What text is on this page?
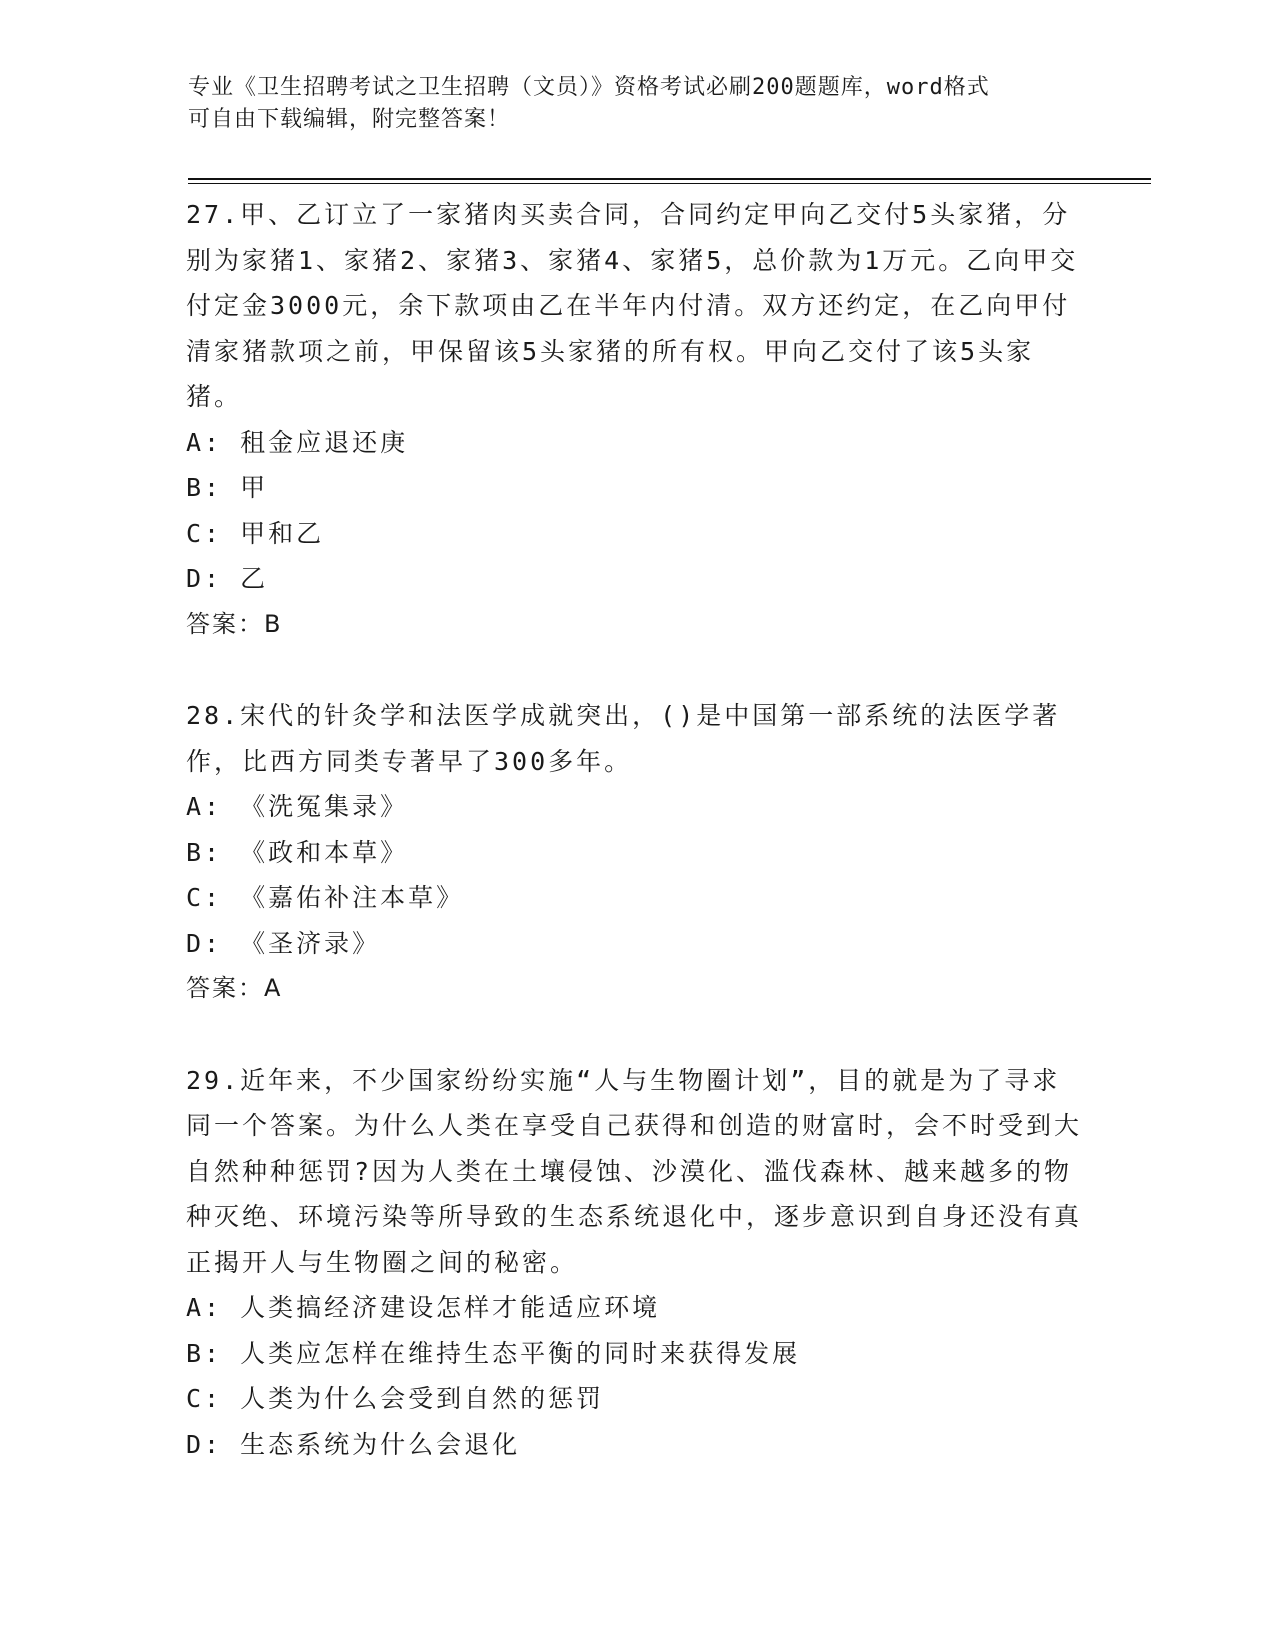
专业《卫生招聘考试之卫生招聘（文员）》资格考试必刷200题题库，word格式
可自由下载编辑，附完整答案！
27.甲、乙订立了一家猪肉买卖合同，合同约定甲向乙交付5头家猪，分别为家猪1、家猪2、家猪3、家猪4、家猪5，总价款为1万元。乙向甲交付定金3000元，余下款项由乙在半年内付清。双方还约定，在乙向甲付清家猪款项之前，甲保留该5头家猪的所有权。甲向乙交付了该5头家猪。
A: 租金应退还庚
B: 甲
C: 甲和乙
D: 乙
答案：B
28.宋代的针灸学和法医学成就突出，()是中国第一部系统的法医学著作，比西方同类专著早了300多年。
A: 《洗冤集录》
B: 《政和本草》
C: 《嘉佑补注本草》
D: 《圣济录》
答案：A
29.近年来，不少国家纷纷实施“人与生物圈计划”，目的就是为了寻求同一个答案。为什么人类在享受自己获得和创造的财富时，会不时受到大自然种种惩罚?因为人类在土壤侵蚀、沙漠化、滥伐森林、越来越多的物种灭绝、环境污染等所导致的生态系统退化中，逐步意识到自身还没有真正揭开人与生物圈之间的秘密。
A: 人类搞经济建设怎样才能适应环境
B: 人类应怎样在维持生态平衡的同时来获得发展
C: 人类为什么会受到自然的惩罚
D: 生态系统为什么会退化
